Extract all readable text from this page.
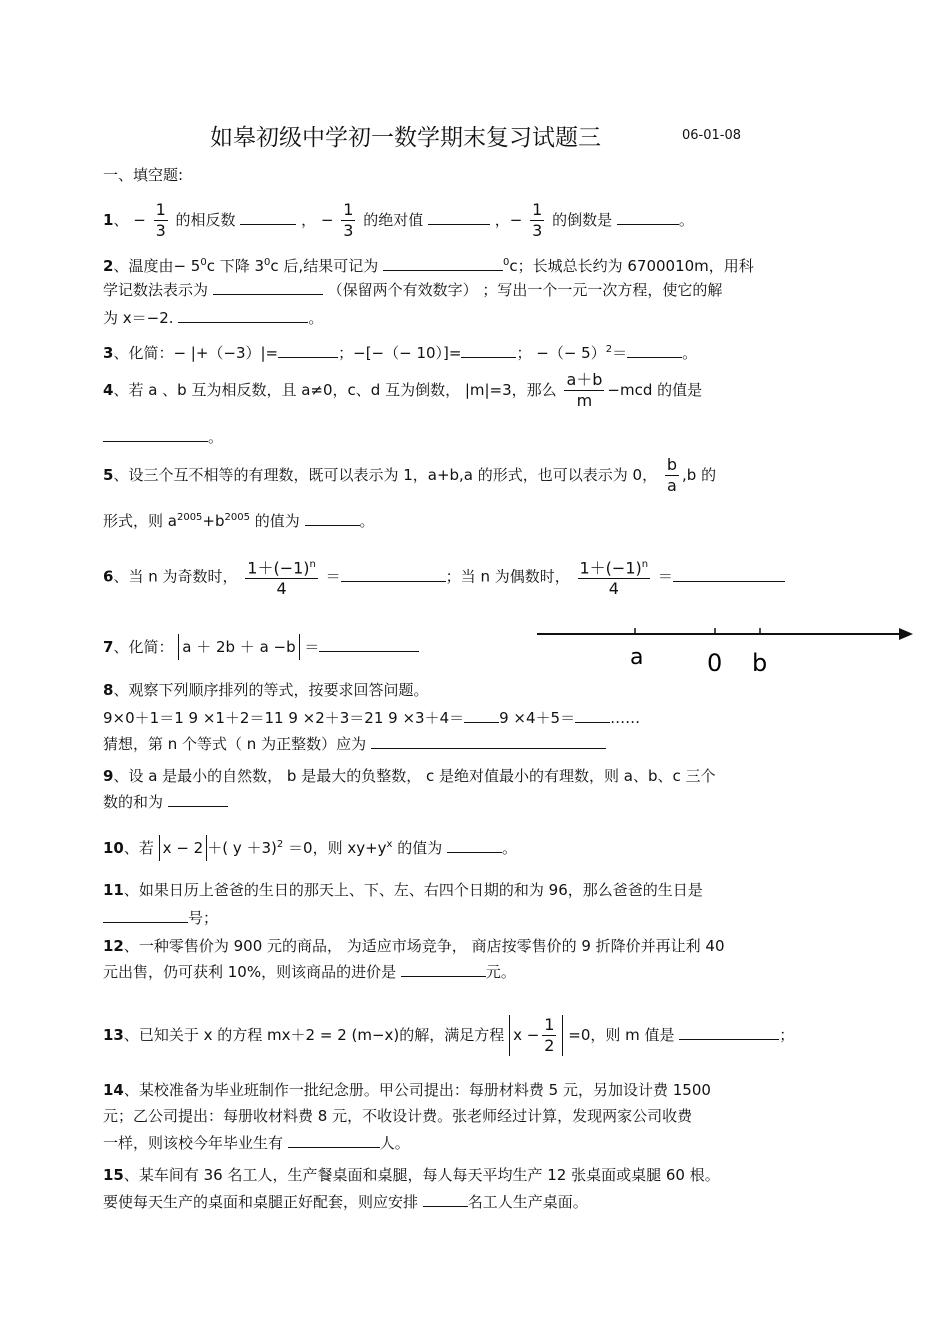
如皋初级中学初一数学期末复习试题三	06-01-08
一、填空题:
1、 − $\frac{1}{3}$ 的相反数	， − $\frac{1}{3}$ 的绝对值	，− $\frac{1}{3}$ 的倒数是	。
2、温度由− $5^0c$ 下降 $3^0c$ 后,结果可记为	$^0$c；长城总长约为 6700010m，用科
学记数法表示为	（保留两个有效数字） ；写出一个一元一次方程，使它的解
为 x＝−2.	。
3、化简：− |+（−3）|=	；−[−（− 10）]=	； −（− 5）$^2$＝	。
4、若 a 、b 互为相反数，且 a≠0，c、d 互为倒数， |m|=3，那么 $\frac{a+b}{m} -mcd$ 的值是
。
5、设三个互不相等的有理数，既可以表示为 1，a+b,a 的形式，也可以表示为 0， $\frac{b}{a} ,b$ 的
形式，则 $a^{2005}+b^{2005}$ 的值为	。
6、当 n 为奇数时， $\frac{1+(-1)^n}{4}$ ＝	；当 n 为偶数时， $\frac{1+(-1)^n}{4}$ ＝
7、化简： a ＋ 2b ＋ a −b ＝	a	0 b
8、观察下列顺序排列的等式，按要求回答问题。
9×0＋1＝1 9 ×1＋2＝11 9 ×2＋3＝21 9 ×3＋4＝ 9 ×4＋5＝ ……
猜想，第 n 个等式（ n 为正整数）应为
9、设 a 是最小的自然数， b 是最大的负整数， c 是绝对值最小的有理数，则 a、b、c 三个
数的和为
10、若 x − 2 ＋( y ＋3)$^2$ ＝0，则 $xy+y^x$ 的值为	。
11、如果日历上爸爸的生日的那天上、下、左、右四个日期的和为 96，那么爸爸的生日是
号；
12、一种零售价为 900 元的商品， 为适应市场竞争， 商店按零售价的 9 折降价并再让利 40
元出售，仍可获利 10%，则该商品的进价是	元。
13、已知关于 x 的方程 mx＋2 = 2 (m−x)的解，满足方程 $x - \frac{1}{2} =0$，则 m 值是	；
14、某校准备为毕业班制作一批纪念册。甲公司提出：每册材料费 5 元，另加设计费 1500
元；乙公司提出：每册收材料费 8 元，不收设计费。张老师经过计算，发现两家公司收费
一样，则该校今年毕业生有	人。
15、某车间有 36 名工人，生产餐桌面和桌腿，每人每天平均生产 12 张桌面或桌腿 60 根。
要使每天生产的桌面和桌腿正好配套，则应安排	名工人生产桌面。
